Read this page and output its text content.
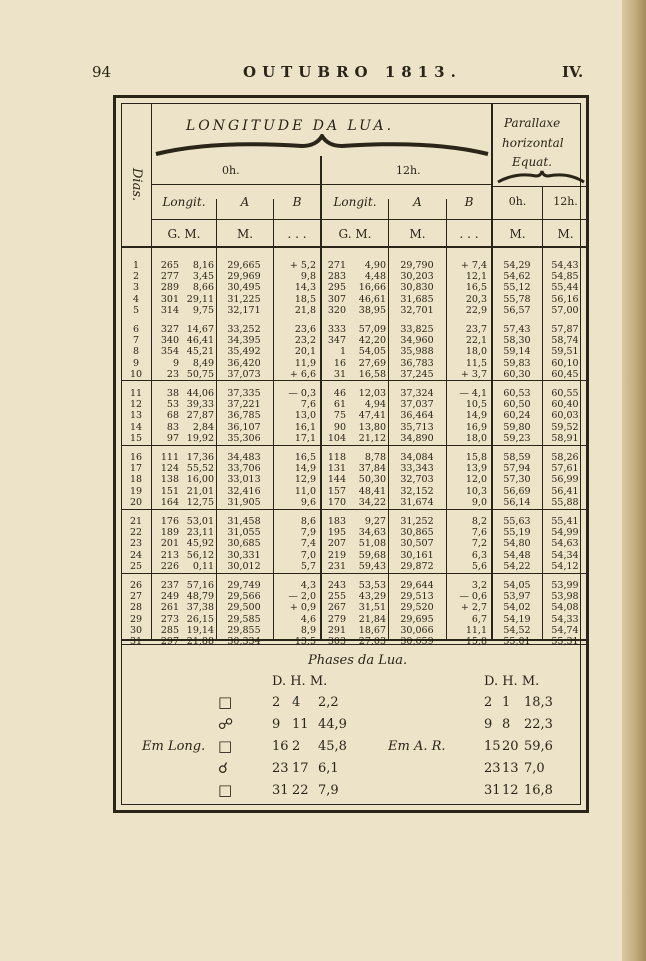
94	OUTUBRO 1813.	IV.
LONGITUDE DA LUA.
Dias.
Parallaxe
horizontal
Equat.
0h.	12h.
Longit.	A	B	Longit.	A	B	0h.	12h.
G. M.	M.	. . .	G. M.	M.	. . .	M.	M.
1	265	8,16	29,665	+ 5,2	271	4,90	29,790	+ 7,4	54,29	54,43
2	277	3,45	29,969	9,8	283	4,48	30,203	12,1	54,62	54,85
3	289	8,66	30,495	14,3	295	16,66	30,830	16,5	55,12	55,44
4	301 29,11	31,225	18,5	307	46,61	31,685	20,3	55,78	56,16
5	314	9,75	32,171	21,8	320	38,95	32,701	22,9	56,57	57,00
6	327 14,67	33,252	23,6	333	57,09	33,825	23,7	57,43	57,87
7	340 46,41	34,395	23,2	347	42,20	34,960	22,1	58,30	58,74
8	354 45,21	35,492	20,1	1	54,05	35,988	18,0	59,14	59,51
9	9	8,49	36,420	11,9	16	27,69	36,783	11,5	59,83	60,10
10	23 50,75	37,073	+ 6,6	31	16,58	37,245	+ 3,7	60,30	60,45
11	38 44,06	37,335	— 0,3	46	12,03	37,324	— 4,1	60,53	60,55
12	53 39,33	37,221	7,6	61	4,94	37,037	10,5	60,50	60,40
13	68 27,87	36,785	13,0	75	47,41	36,464	14,9	60,24	60,03
14	83	2,84	36,107	16,1	90	13,80	35,713	16,9	59,80	59,52
15	97 19,92	35,306	17,1	104	21,12	34,890	18,0	59,23	58,91
16	111 17,36	34,483	16,5	118	8,78	34,084	15,8	58,59	58,26
17	124 55,52	33,706	14,9	131	37,84	33,343	13,9	57,94	57,61
18	138 16,00	33,013	12,9	144	50,30	32,703	12,0	57,30	56,99
19	151 21,01	32,416	11,0	157	48,41	32,152	10,3	56,69	56,41
20	164 12,75	31,905	9,6	170	34,22	31,674	9,0	56,14	55,88
21	176 53,01	31,458	8,6	183	9,27	31,252	8,2	55,63	55,41
22	189 23,11	31,055	7,9	195	34,63	30,865	7,6	55,19	54,99
23	201 45,92	30,685	7,4	207	51,08	30,507	7,2	54,80	54,63
24	213 56,12	30,331	7,0	219	59,68	30,161	6,3	54,48	54,34
25	226	0,11	30,012	5,7	231	59,43	29,872	5,6	54,22	54,12
26	237 57,16	29,749	4,3	243	53,53	29,644	3,2	54,05	53,99
27	249 48,79	29,566	— 2,0	255	43,29	29,513	— 0,6	53,97	53,98
28	261 37,38	29,500	+ 0,9	267	31,51	29,520	+ 2,7	54,02	54,08
29	273 26,15	29,585	4,6	279	21,84	29,695	6,7	54,19	54,33
30	285 19,14	29,855	8,9	291	18,67	30,066	11,1	54,52	54,74
31	297 21,88	30,334	13,5	303	27,03	30,659	15,8	55,01	55,31
Phases da Lua.
D. H. M.	D. H. M.
Em Long.	Em A. R.
□	2 4 2,2	2 1 18,3
☍	9 11 44,9	9 8 22,3
□	16 2 45,8	15 20 59,6
☌	23 17 6,1	23 13 7,0
□	31 22 7,9	31 12 16,8
